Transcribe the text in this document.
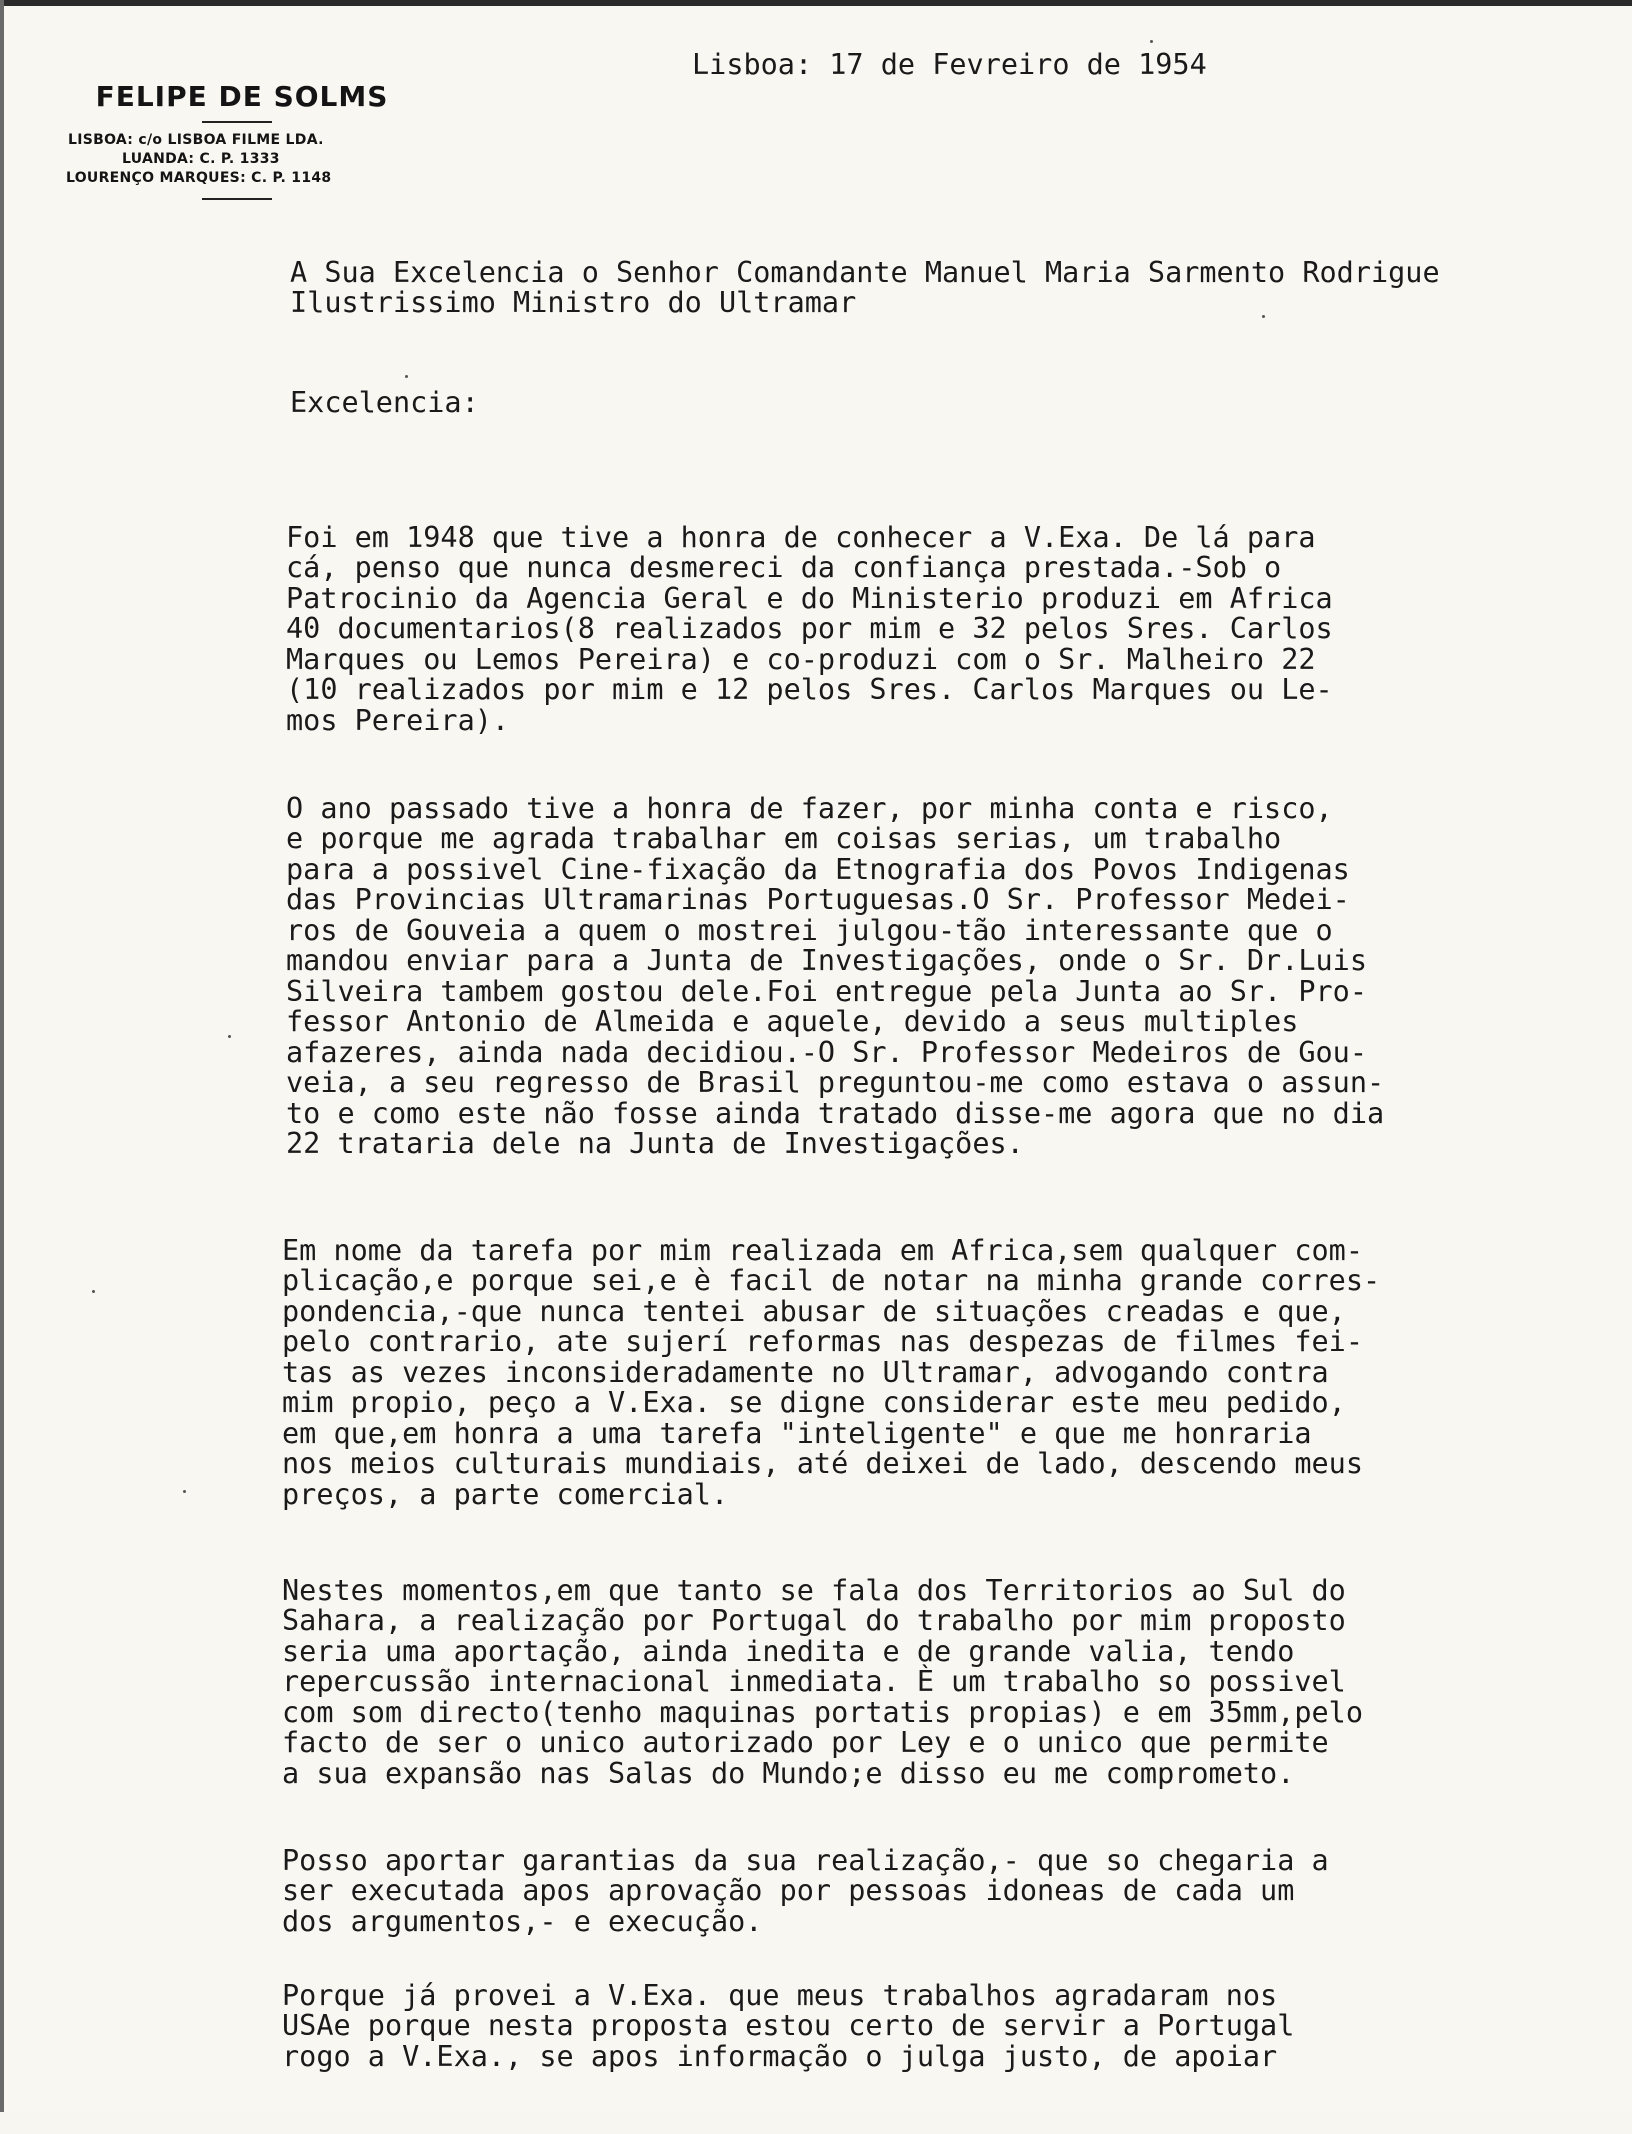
FELIPE DE SOLMS
LISBOA: c/o LISBOA FILME LDA.
LUANDA: C. P. 1333
LOURENÇO MARQUES: C. P. 1148
Lisboa: 17 de Fevreiro de 1954
A Sua Excelencia o Senhor Comandante Manuel Maria Sarmento Rodrigue
Ilustrissimo Ministro do Ultramar
Excelencia:

Foi em 1948 que tive a honra de conhecer a V.Exa. De lá para
cá, penso que nunca desmereci da confiança prestada.-Sob o
Patrocinio da Agencia Geral e do Ministerio produzi em Africa
40 documentarios(8 realizados por mim e 32 pelos Sres. Carlos
Marques ou Lemos Pereira) e co-produzi com o Sr. Malheiro 22
(10 realizados por mim e 12 pelos Sres. Carlos Marques ou Le-
mos Pereira).

O ano passado tive a honra de fazer, por minha conta e risco,
e porque me agrada trabalhar em coisas serias, um trabalho
para a possivel Cine-fixação da Etnografia dos Povos Indigenas
das Provincias Ultramarinas Portuguesas.O Sr. Professor Medei-
ros de Gouveia a quem o mostrei julgou-tão interessante que o
mandou enviar para a Junta de Investigações, onde o Sr. Dr.Luis
Silveira tambem gostou dele.Foi entregue pela Junta ao Sr. Pro-
fessor Antonio de Almeida e aquele, devido a seus multiples
afazeres, ainda nada decidiou.-O Sr. Professor Medeiros de Gou-
veia, a seu regresso de Brasil preguntou-me como estava o assun-
to e como este não fosse ainda tratado disse-me agora que no dia
22 trataria dele na Junta de Investigações.

Em nome da tarefa por mim realizada em Africa,sem qualquer com-
plicação,e porque sei,e è facil de notar na minha grande corres-
pondencia,-que nunca tentei abusar de situações creadas e que,
pelo contrario, ate sujerí reformas nas despezas de filmes fei-
tas as vezes inconsideradamente no Ultramar, advogando contra
mim propio, peço a V.Exa. se digne considerar este meu pedido,
em que,em honra a uma tarefa "inteligente" e que me honraria
nos meios culturais mundiais, até deixei de lado, descendo meus
preços, a parte comercial.

Nestes momentos,em que tanto se fala dos Territorios ao Sul do
Sahara, a realização por Portugal do trabalho por mim proposto
seria uma aportação, ainda inedita e de grande valia, tendo
repercussão internacional inmediata. È um trabalho so possivel
com som directo(tenho maquinas portatis propias) e em 35mm,pelo
facto de ser o unico autorizado por Ley e o unico que permite
a sua expansão nas Salas do Mundo;e disso eu me comprometo.

Posso aportar garantias da sua realização,- que so chegaria a
ser executada apos aprovação por pessoas idoneas de cada um
dos argumentos,- e execução.

Porque já provei a V.Exa. que meus trabalhos agradaram nos
USAe porque nesta proposta estou certo de servir a Portugal
rogo a V.Exa., se apos informação o julga justo, de apoiar
